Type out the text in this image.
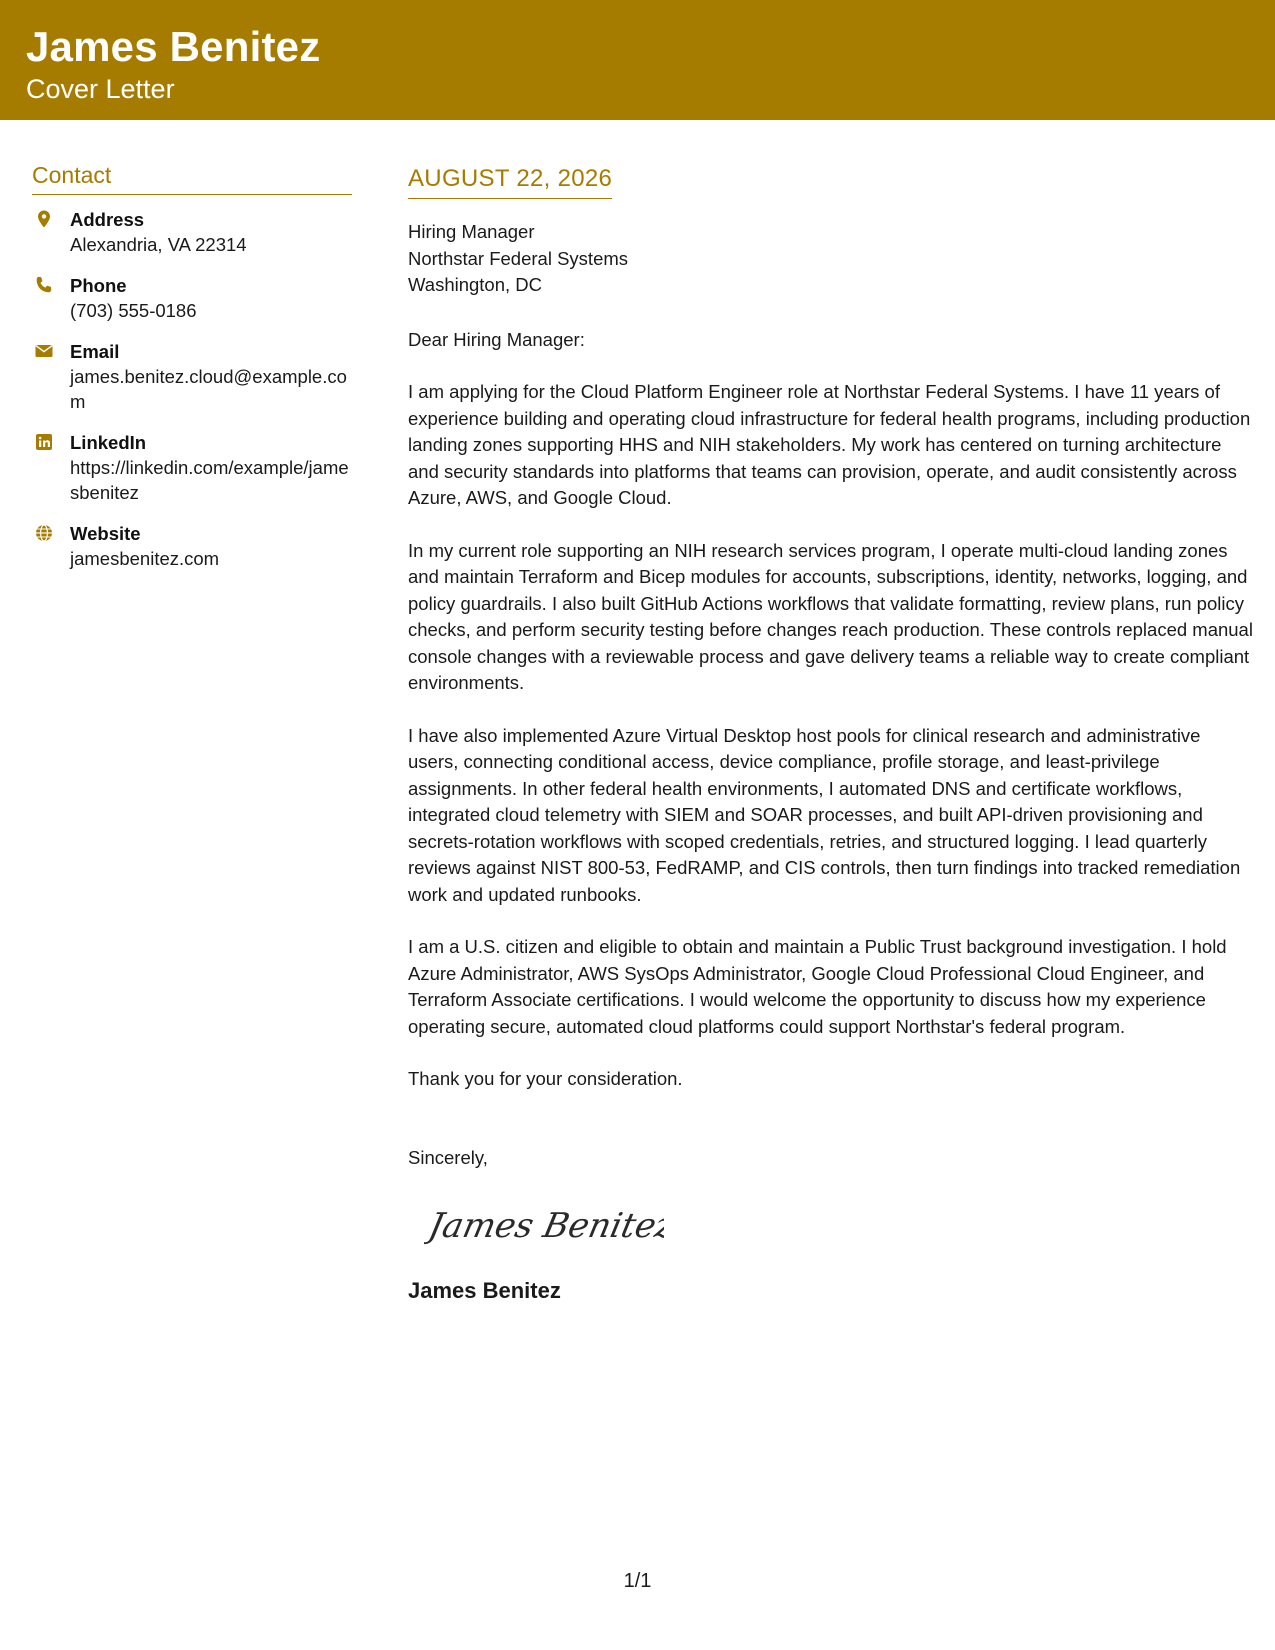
James Benitez
Cover Letter
Contact
Address
Alexandria, VA 22314
Phone
(703) 555-0186
Email
james.benitez.cloud@example.com
LinkedIn
https://linkedin.com/example/jamesbenitez
Website
jamesbenitez.com
AUGUST 22, 2026
Hiring Manager
Northstar Federal Systems
Washington, DC
Dear Hiring Manager:
I am applying for the Cloud Platform Engineer role at Northstar Federal Systems. I have 11 years of experience building and operating cloud infrastructure for federal health programs, including production landing zones supporting HHS and NIH stakeholders. My work has centered on turning architecture and security standards into platforms that teams can provision, operate, and audit consistently across Azure, AWS, and Google Cloud.
In my current role supporting an NIH research services program, I operate multi-cloud landing zones and maintain Terraform and Bicep modules for accounts, subscriptions, identity, networks, logging, and policy guardrails. I also built GitHub Actions workflows that validate formatting, review plans, run policy checks, and perform security testing before changes reach production. These controls replaced manual console changes with a reviewable process and gave delivery teams a reliable way to create compliant environments.
I have also implemented Azure Virtual Desktop host pools for clinical research and administrative users, connecting conditional access, device compliance, profile storage, and least-privilege assignments. In other federal health environments, I automated DNS and certificate workflows, integrated cloud telemetry with SIEM and SOAR processes, and built API-driven provisioning and secrets-rotation workflows with scoped credentials, retries, and structured logging. I lead quarterly reviews against NIST 800-53, FedRAMP, and CIS controls, then turn findings into tracked remediation work and updated runbooks.
I am a U.S. citizen and eligible to obtain and maintain a Public Trust background investigation. I hold Azure Administrator, AWS SysOps Administrator, Google Cloud Professional Cloud Engineer, and Terraform Associate certifications. I would welcome the opportunity to discuss how my experience operating secure, automated cloud platforms could support Northstar's federal program.
Thank you for your consideration.
Sincerely,
James Benitez
James Benitez
1/1
